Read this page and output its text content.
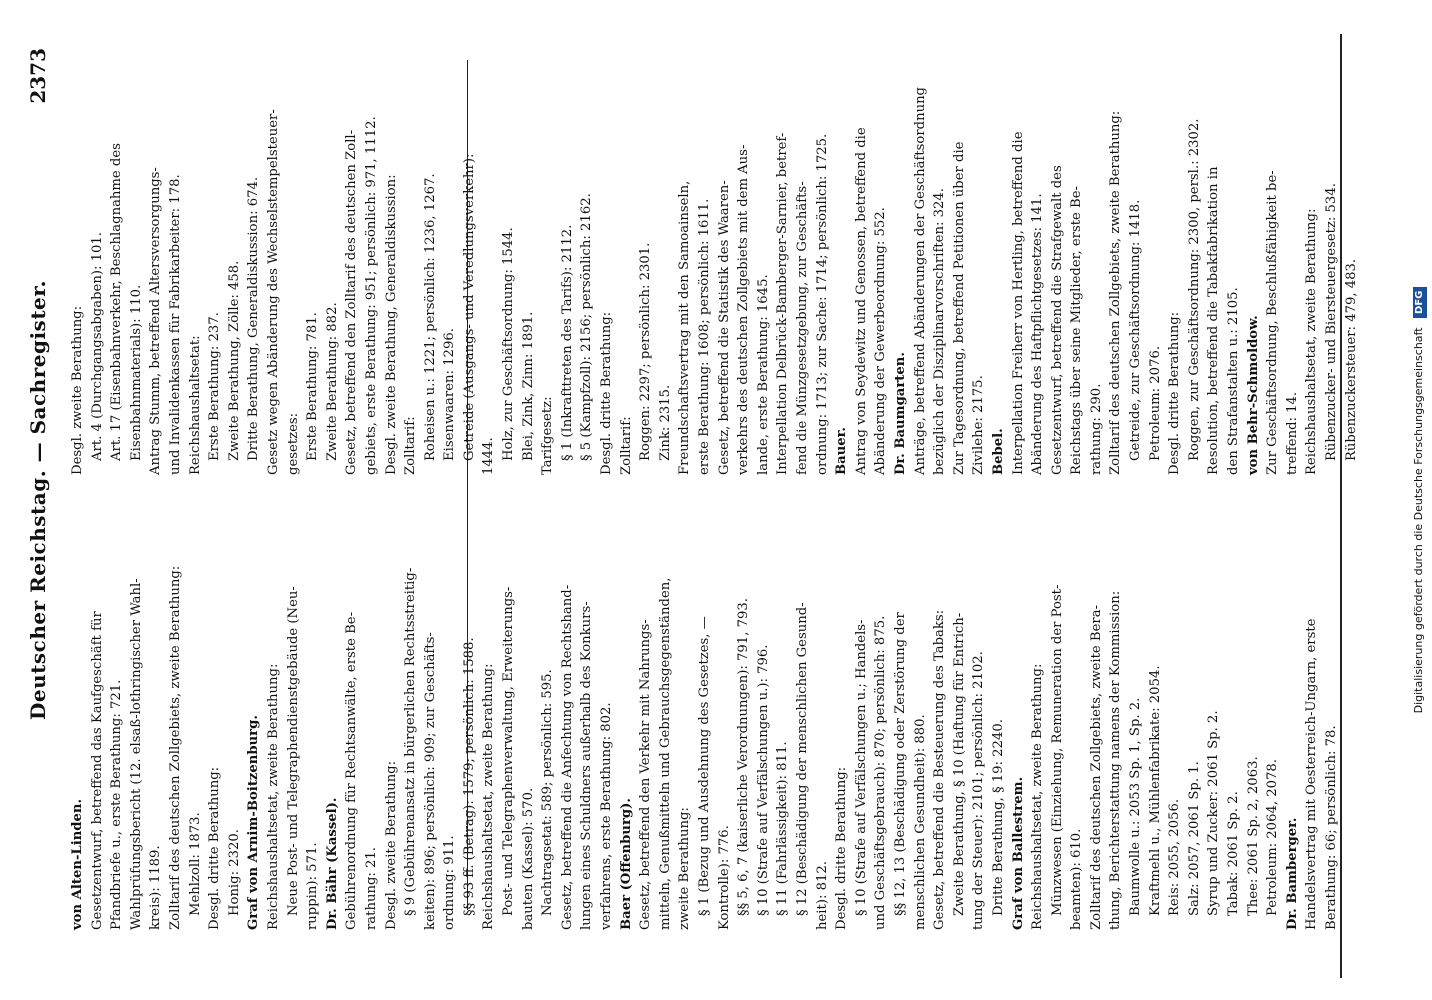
Deutscher Reichstag. — Sachregister.
2373
von Alten-Linden. Gesetzentwurf, betreffend das Kaufgeschäft für Pfandbriefe u., erste Berathung: 721. Wahlprüfungsbericht (12. elsaß-lothringischer Wahl- kreis): 1189. Zolltarif des deutschen Zollgebiets, zweite Berathung: Mehlzoll: 1873. Desgl. dritte Berathung: Honig: 2320. Graf von Arnim-Boitzenburg. Reichshaushaltsetat, zweite Berathung: Neue Post- und Telegraphendienstgebäude (Neu- ruppin): 571. Dr. Bähr (Kassel). Gebührenordnung für Rechtsanwälte, erste Be- rathung: 21. Desgl. zweite Berathung: § 9 (Gebührenansatz in bürgerlichen Rechtsstreitig- keiten): 896; persönlich: 909; zur Geschäfts- ordnung: 911. §§ 93 ff. (Betrag): 1579; persönlich: 1588. Reichshaushaltsetat, zweite Berathung: Post- und Telegraphenverwaltung, Erweiterungs- bauten (Kassel): 570. Nachtragsetat: 589; persönlich: 595. Gesetz, betreffend die Anfechtung von Rechtshand- lungen eines Schuldners außerhalb des Konkurs- verfahrens, erste Berathung: 802. Baer (Offenburg). Gesetz, betreffend den Verkehr mit Nahrungs- mitteln, Genußmitteln und Gebrauchsgegenständen, zweite Berathung: § 1 (Bezug und Ausdehnung des Gesetzes, — Kontrolle): 776. §§ 5, 6, 7 (kaiserliche Verordnungen): 791, 793. § 10 (Strafe auf Verfälschungen u.): 796. § 11 (Fahrlässigkeit): 811. § 12 (Beschädigung der menschlichen Gesund- heit): 812. Desgl. dritte Berathung: § 10 (Strafe auf Verfälschungen u.; Handels- und Geschäftsgebrauch): 870; persönlich: 875. §§ 12, 13 (Beschädigung oder Zerstörung der menschlichen Gesundheit): 880. Gesetz, betreffend die Besteuerung des Tabaks: Zweite Berathung, § 10 (Haftung für Entrich- tung der Steuer): 2101; persönlich: 2102. Dritte Berathung, § 19: 2240. Graf von Ballestrem. Reichshaushaltsetat, zweite Berathung: Münzwesen (Einziehung, Remuneration der Post- beamten): 610. Zolltarif des deutschen Zollgebiets, zweite Bera- thung, Berichterstattung namens der Kommission: Baumwolle u.: 2053 Sp. 1, Sp. 2. Kraftmehl u., Mühlenfabrikate: 2054. Reis: 2055, 2056. Salz: 2057, 2061 Sp. 1. Syrup und Zucker: 2061 Sp. 2. Tabak: 2061 Sp. 2. Thee: 2061 Sp. 2, 2063. Petroleum: 2064, 2078. Dr. Bamberger. Handelsvertrag mit Oesterreich-Ungarn, erste Berathung: 66; persönlich: 78.
Desgl. zweite Berathung: Art. 4 (Durchgangsabgaben): 101. Art. 17 (Eisenbahnverkehr, Beschlagnahme des Eisenbahnmaterials): 110. Antrag Stumm, betreffend Altersversorgungs- und Invalidenkassen für Fabrikarbeiter: 178. Reichshaushaltsetat: Erste Berathung: 237. Zweite Berathung, Zölle: 458. Dritte Berathung, Generaldiskussion: 674. Gesetz wegen Abänderung des Wechselstempelsteuer- gesetzes: Erste Berathung: 781. Zweite Berathung: 882. Gesetz, betreffend den Zolltarif des deutschen Zoll- gebiets, erste Berathung: 951; persönlich: 971, 1112. Desgl. zweite Berathung, Generaldiskussion: Zolltarif: Roheisen u.: 1221; persönlich: 1236, 1267. Eisenwaaren: 1296. Getreide (Ausgangs- und Veredlungsverkehr): 1444. Holz, zur Geschäftsordnung: 1544. Blei, Zink, Zinn: 1891. Tarifgesetz: § 1 (Inkrafttreten des Tarifs): 2112. § 5 (Kampfzoll): 2156; persönlich: 2162. Desgl. dritte Berathung: Zolltarif: Roggen: 2297; persönlich: 2301. Zink: 2315. Freundschaftsvertrag mit den Samoainseln, erste Berathung: 1608; persönlich: 1611. Gesetz, betreffend die Statistik des Waaren- verkehrs des deutschen Zollgebiets mit dem Aus- lande, erste Berathung: 1645. Interpellation Delbrück-Bamberger-Sarnier, betref- fend die Münzgesetzgebung, zur Geschäfts- ordnung: 1713; zur Sache: 1714; persönlich: 1725. Bauer. Antrag von Seydewitz und Genossen, betreffend die Abänderung der Gewerbeordnung: 552. Dr. Baumgarten. Anträge, betreffend Abänderungen der Geschäftsordnung bezüglich der Disziplinarvorschriften: 324. Zur Tagesordnung, betreffend Petitionen über die Zivilehe: 2175. Bebel. Interpellation Freiherr von Hertling, betreffend die Abänderung des Haftpflichtgesetzes: 141. Gesetzentwurf, betreffend die Strafgewalt des Reichstags über seine Mitglieder, erste Be- rathung: 290. Zolltarif des deutschen Zollgebiets, zweite Berathung: Getreide, zur Geschäftsordnung: 1418. Petroleum: 2076. Desgl. dritte Berathung: Roggen, zur Geschäftsordnung: 2300, persl.: 2302. Resolution, betreffend die Tabakfabrikation in den Strafanstalten u.: 2105. von Behr-Schmoldow. Zur Geschäftsordnung, Beschlußfähigkeit be- treffend: 14. Reichshaushaltsetat, zweite Berathung: Rübenzucker- und Biersteuergesetz: 534. Rübenzuckersteuer: 479, 483.	Digitalisierung gefördert durch die Deutsche Forschungsgemeinschaft DFG
